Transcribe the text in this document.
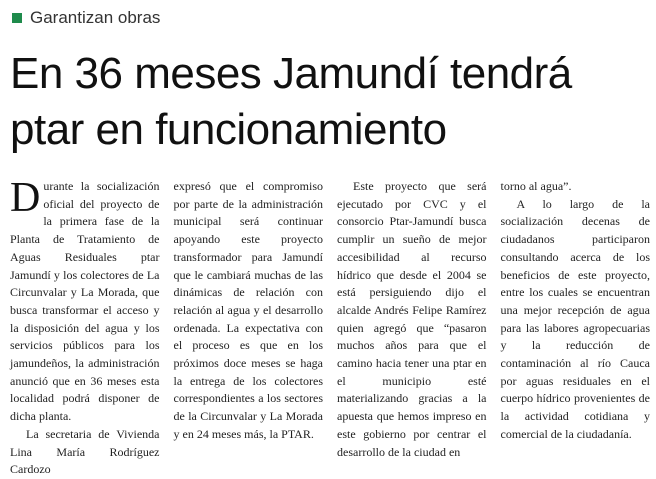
Garantizan obras
En 36 meses Jamundí tendrá
ptar en funcionamiento

Durante la socialización oficial del proyecto de la primera fase de la Planta de Tratamiento de Aguas Residuales ptar Jamundí y los colectores de La Circunvalar y La Morada, que busca transformar el acceso y la disposición del agua y los servicios públicos para los jamundeños, la administración anunció que en 36 meses esta localidad podrá disponer de dicha planta.

La secretaria de Vivienda Lina María Rodríguez Cardozo

expresó que el compromiso por parte de la administración municipal será continuar apoyando este proyecto transformador para Jamundí que le cambiará muchas de las dinámicas de relación con relación al agua y el desarrollo ordenada. La expectativa con el proceso es que en los próximos doce meses se haga la entrega de los colectores correspondientes a los sectores de la Circunvalar y La Morada y en 24 meses más, la PTAR.

Este proyecto que será ejecutado por CVC y el consorcio Ptar-Jamundí busca cumplir un sueño de mejor accesibilidad al recurso hídrico que desde el 2004 se está persiguiendo dijo el alcalde Andrés Felipe Ramírez quien agregó que “pasaron muchos años para que el camino hacia tener una ptar en el municipio esté materializando gracias a la apuesta que hemos impreso en este gobierno por centrar el desarrollo de la ciudad en

torno al agua”.

A lo largo de la socialización decenas de ciudadanos participaron consultando acerca de los beneficios de este proyecto, entre los cuales se encuentran una mejor recepción de agua para las labores agropecuarias y la reducción de contaminación al río Cauca por aguas residuales en el cuerpo hídrico provenientes de la actividad cotidiana y comercial de la ciudadanía.
